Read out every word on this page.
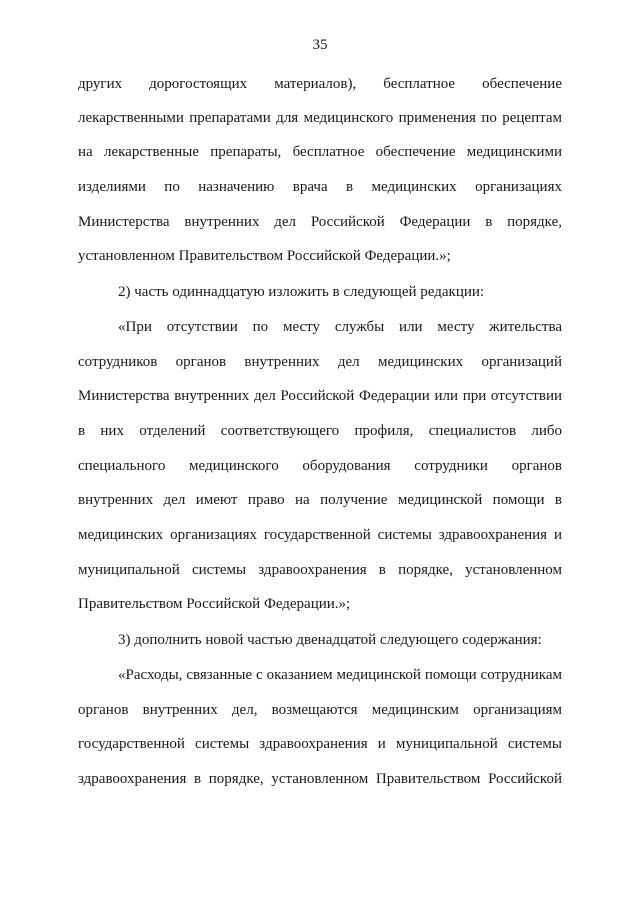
35
других дорогостоящих материалов), бесплатное обеспечение
лекарственными препаратами для медицинского применения по рецептам
на лекарственные препараты, бесплатное обеспечение медицинскими
изделиями по назначению врача в медицинских организациях
Министерства внутренних дел Российской Федерации в порядке,
установленном Правительством Российской Федерации.»;
2) часть одиннадцатую изложить в следующей редакции:
«При отсутствии по месту службы или месту жительства
сотрудников органов внутренних дел медицинских организаций
Министерства внутренних дел Российской Федерации или при отсутствии
в них отделений соответствующего профиля, специалистов либо
специального медицинского оборудования сотрудники органов
внутренних дел имеют право на получение медицинской помощи в
медицинских организациях государственной системы здравоохранения и
муниципальной системы здравоохранения в порядке, установленном
Правительством Российской Федерации.»;
3) дополнить новой частью двенадцатой следующего содержания:
«Расходы, связанные с оказанием медицинской помощи сотрудникам
органов внутренних дел, возмещаются медицинским организациям
государственной системы здравоохранения и муниципальной системы
здравоохранения в порядке, установленном Правительством Российской
